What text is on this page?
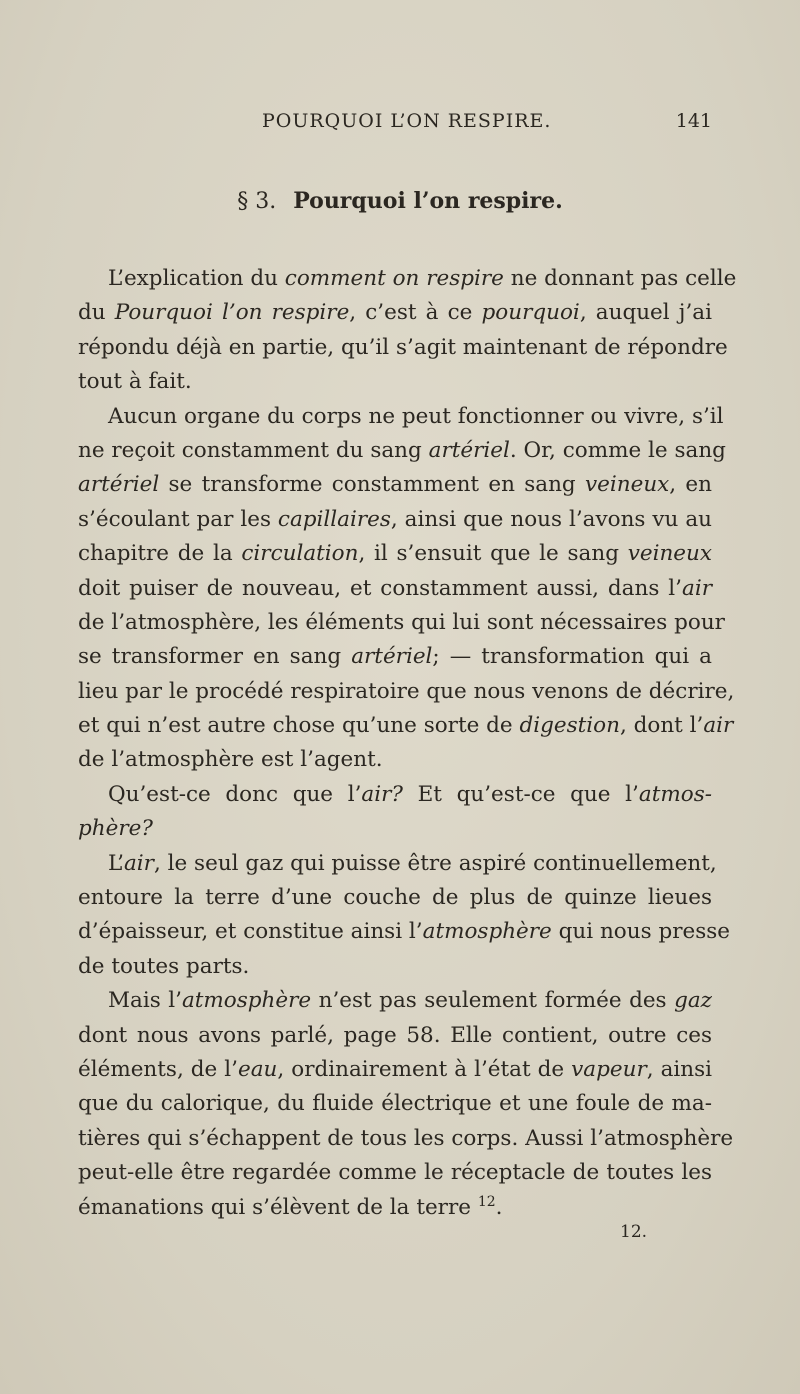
POURQUOI L’ON RESPIRE.	141
§ 3. Pourquoi l’on respire.
L’explication du comment on respire ne donnant pas celle
du Pourquoi l’on respire, c’est à ce pourquoi, auquel j’ai
répondu déjà en partie, qu’il s’agit maintenant de répondre
tout à fait.
Aucun organe du corps ne peut fonctionner ou vivre, s’il
ne reçoit constamment du sang artériel. Or, comme le sang
artériel se transforme constamment en sang veineux, en
s’écoulant par les capillaires, ainsi que nous l’avons vu au
chapitre de la circulation, il s’ensuit que le sang veineux
doit puiser de nouveau, et constamment aussi, dans l’air
de l’atmosphère, les éléments qui lui sont nécessaires pour
se transformer en sang artériel; — transformation qui a
lieu par le procédé respiratoire que nous venons de décrire,
et qui n’est autre chose qu’une sorte de digestion, dont l’air
de l’atmosphère est l’agent.
Qu’est-ce donc que l’air? Et qu’est-ce que l’atmos-
phère?
L’air, le seul gaz qui puisse être aspiré continuellement,
entoure la terre d’une couche de plus de quinze lieues
d’épaisseur, et constitue ainsi l’atmosphère qui nous presse
de toutes parts.
Mais l’atmosphère n’est pas seulement formée des gaz
dont nous avons parlé, page 58. Elle contient, outre ces
éléments, de l’eau, ordinairement à l’état de vapeur, ainsi
que du calorique, du fluide électrique et une foule de ma-
tières qui s’échappent de tous les corps. Aussi l’atmosphère
peut-elle être regardée comme le réceptacle de toutes les
émanations qui s’élèvent de la terre $^{12}$.
12.
